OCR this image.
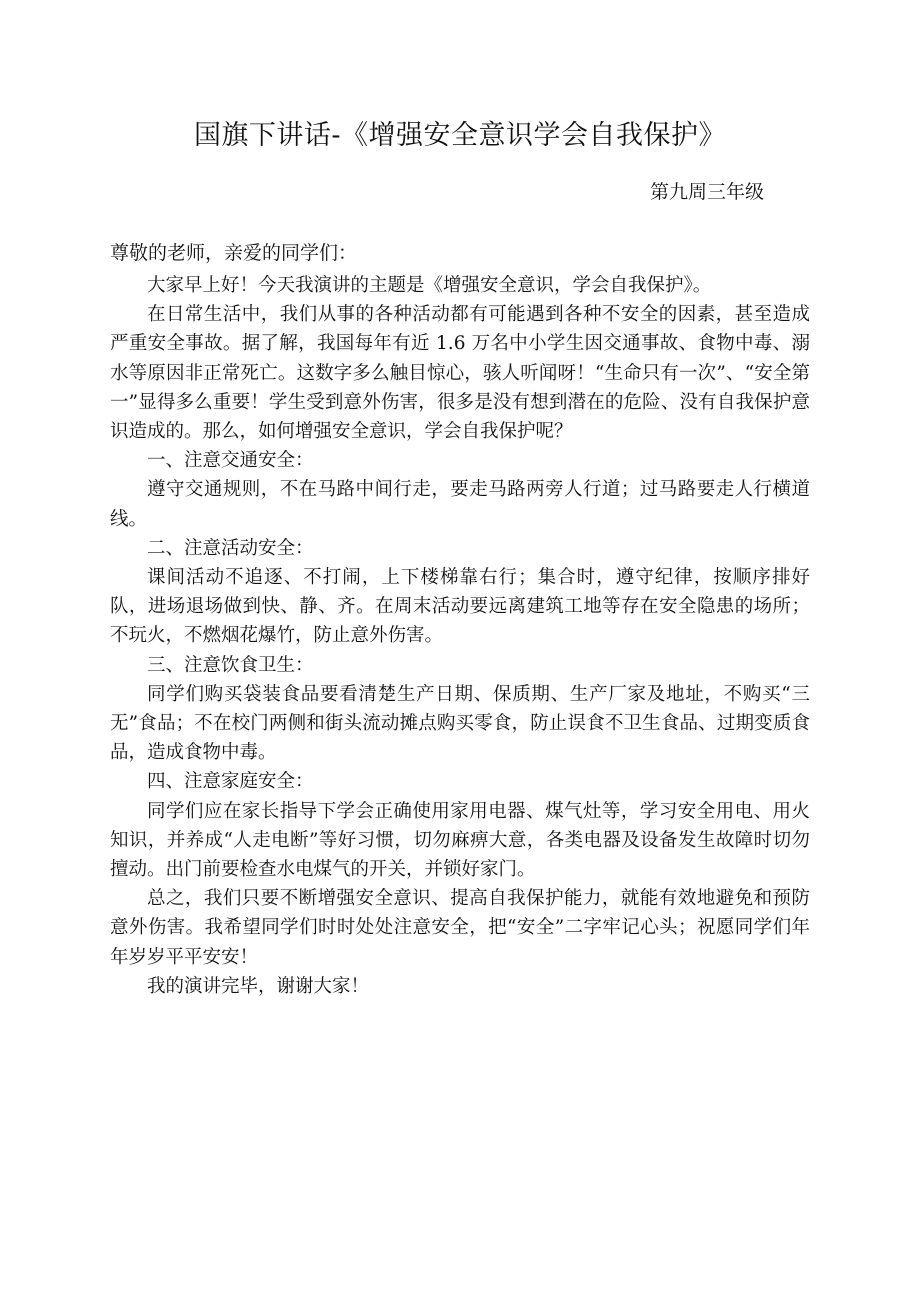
国旗下讲话-《增强安全意识学会自我保护》
第九周三年级
尊敬的老师，亲爱的同学们：

大家早上好！今天我演讲的主题是《增强安全意识，学会自我保护》。

在日常生活中，我们从事的各种活动都有可能遇到各种不安全的因素，甚至造成严重安全事故。据了解，我国每年有近 1.6 万名中小学生因交通事故、食物中毒、溺水等原因非正常死亡。这数字多么触目惊心，骇人听闻呀！“生命只有一次”、“安全第一”显得多么重要！学生受到意外伤害，很多是没有想到潜在的危险、没有自我保护意识造成的。那么，如何增强安全意识，学会自我保护呢？

一、注意交通安全：

遵守交通规则，不在马路中间行走，要走马路两旁人行道；过马路要走人行横道线。

二、注意活动安全：

课间活动不追逐、不打闹，上下楼梯靠右行；集合时，遵守纪律，按顺序排好队，进场退场做到快、静、齐。在周末活动要远离建筑工地等存在安全隐患的场所；不玩火，不燃烟花爆竹，防止意外伤害。

三、注意饮食卫生：

同学们购买袋装食品要看清楚生产日期、保质期、生产厂家及地址，不购买“三无”食品；不在校门两侧和街头流动摊点购买零食，防止误食不卫生食品、过期变质食品，造成食物中毒。

四、注意家庭安全：

同学们应在家长指导下学会正确使用家用电器、煤气灶等，学习安全用电、用火知识，并养成“人走电断”等好习惯，切勿麻痹大意，各类电器及设备发生故障时切勿擅动。出门前要检查水电煤气的开关，并锁好家门。

总之，我们只要不断增强安全意识、提高自我保护能力，就能有效地避免和预防意外伤害。我希望同学们时时处处注意安全，把“安全”二字牢记心头；祝愿同学们年年岁岁平平安安！

我的演讲完毕，谢谢大家！
